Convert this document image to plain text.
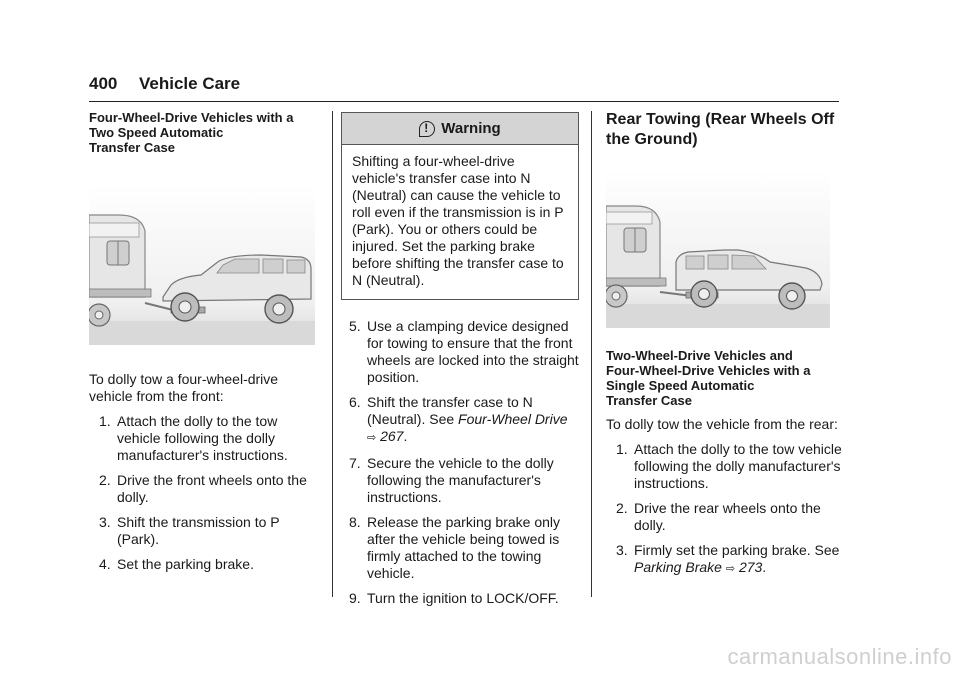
400 Vehicle Care
Four-Wheel-Drive Vehicles with a
Two Speed Automatic
Transfer Case

To dolly tow a four-wheel-drive vehicle from the front:

1. Attach the dolly to the tow vehicle following the dolly manufacturer's instructions.
2. Drive the front wheels onto the dolly.
3. Shift the transmission to P (Park).
4. Set the parking brake.
!
Warning
Shifting a four-wheel-drive vehicle's transfer case into N (Neutral) can cause the vehicle to roll even if the transmission is in P (Park). You or others could be injured. Set the parking brake before shifting the transfer case to N (Neutral).
5. Use a clamping device designed for towing to ensure that the front wheels are locked into the straight position.
6. Shift the transfer case to N (Neutral). See Four-Wheel Drive ⇨ 267.
7. Secure the vehicle to the dolly following the manufacturer's instructions.
8. Release the parking brake only after the vehicle being towed is firmly attached to the towing vehicle.
9. Turn the ignition to LOCK/OFF.
Rear Towing (Rear Wheels Off the Ground)
Two-Wheel-Drive Vehicles and
Four-Wheel-Drive Vehicles with a
Single Speed Automatic
Transfer Case

To dolly tow the vehicle from the rear:

1. Attach the dolly to the tow vehicle following the dolly manufacturer's instructions.
2. Drive the rear wheels onto the dolly.
3. Firmly set the parking brake. See Parking Brake ⇨ 273.
carmanualsonline.info
